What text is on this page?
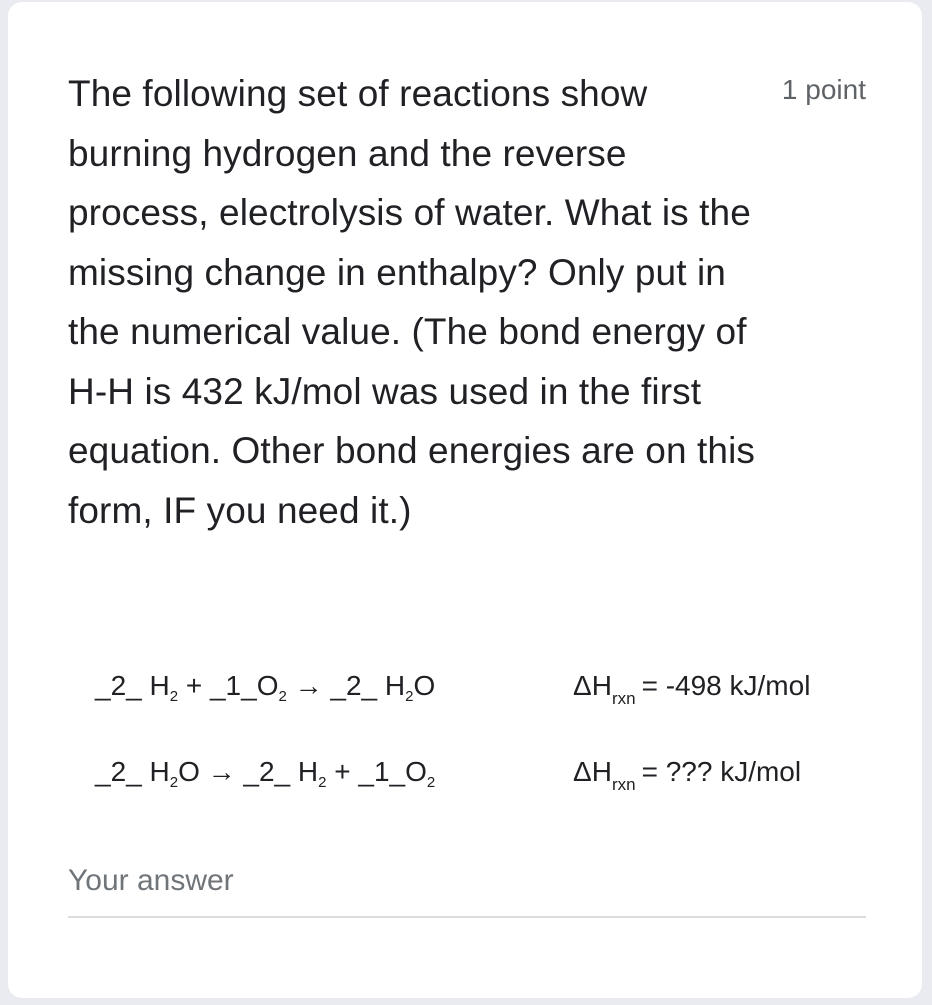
The following set of reactions show burning hydrogen and the reverse process, electrolysis of water. What is the missing change in enthalpy? Only put in the numerical value. (The bond energy of H-H is 432 kJ/mol was used in the first equation. Other bond energies are on this form, IF you need it.)
1 point
_2_ $H_2$ + $\_1\_O_2$ → _2_ $H_2O$	$\Delta H_{rxn} = -498$ kJ/mol
_2_ $H_2O$ → _2_ $H_2$ + $\_1\_O_2$	$\Delta H_{rxn}$ = ??? kJ/mol
Your answer
